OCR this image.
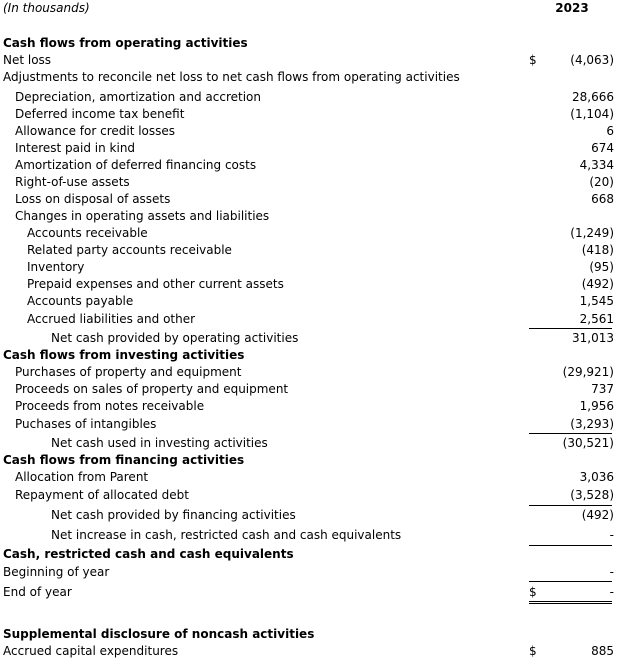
(In thousands)	2023
Cash flows from operating activities
Net loss	$	(4,063)
Adjustments to reconcile net loss to net cash flows from operating activities
Depreciation, amortization and accretion	28,666
Deferred income tax benefit	(1,104)
Allowance for credit losses	6
Interest paid in kind	674
Amortization of deferred financing costs	4,334
Right-of-use assets	(20)
Loss on disposal of assets	668
Changes in operating assets and liabilities
Accounts receivable	(1,249)
Related party accounts receivable	(418)
Inventory	(95)
Prepaid expenses and other current assets	(492)
Accounts payable	1,545
Accrued liabilities and other	2,561
Net cash provided by operating activities	31,013
Cash flows from investing activities
Purchases of property and equipment	(29,921)
Proceeds on sales of property and equipment	737
Proceeds from notes receivable	1,956
Puchases of intangibles	(3,293)
Net cash used in investing activities	(30,521)
Cash flows from financing activities
Allocation from Parent	3,036
Repayment of allocated debt	(3,528)
Net cash provided by financing activities	(492)
Net increase in cash, restricted cash and cash equivalents	-
Cash, restricted cash and cash equivalents
Beginning of year	-
End of year	$	-
Supplemental disclosure of noncash activities
Accrued capital expenditures	$	885
